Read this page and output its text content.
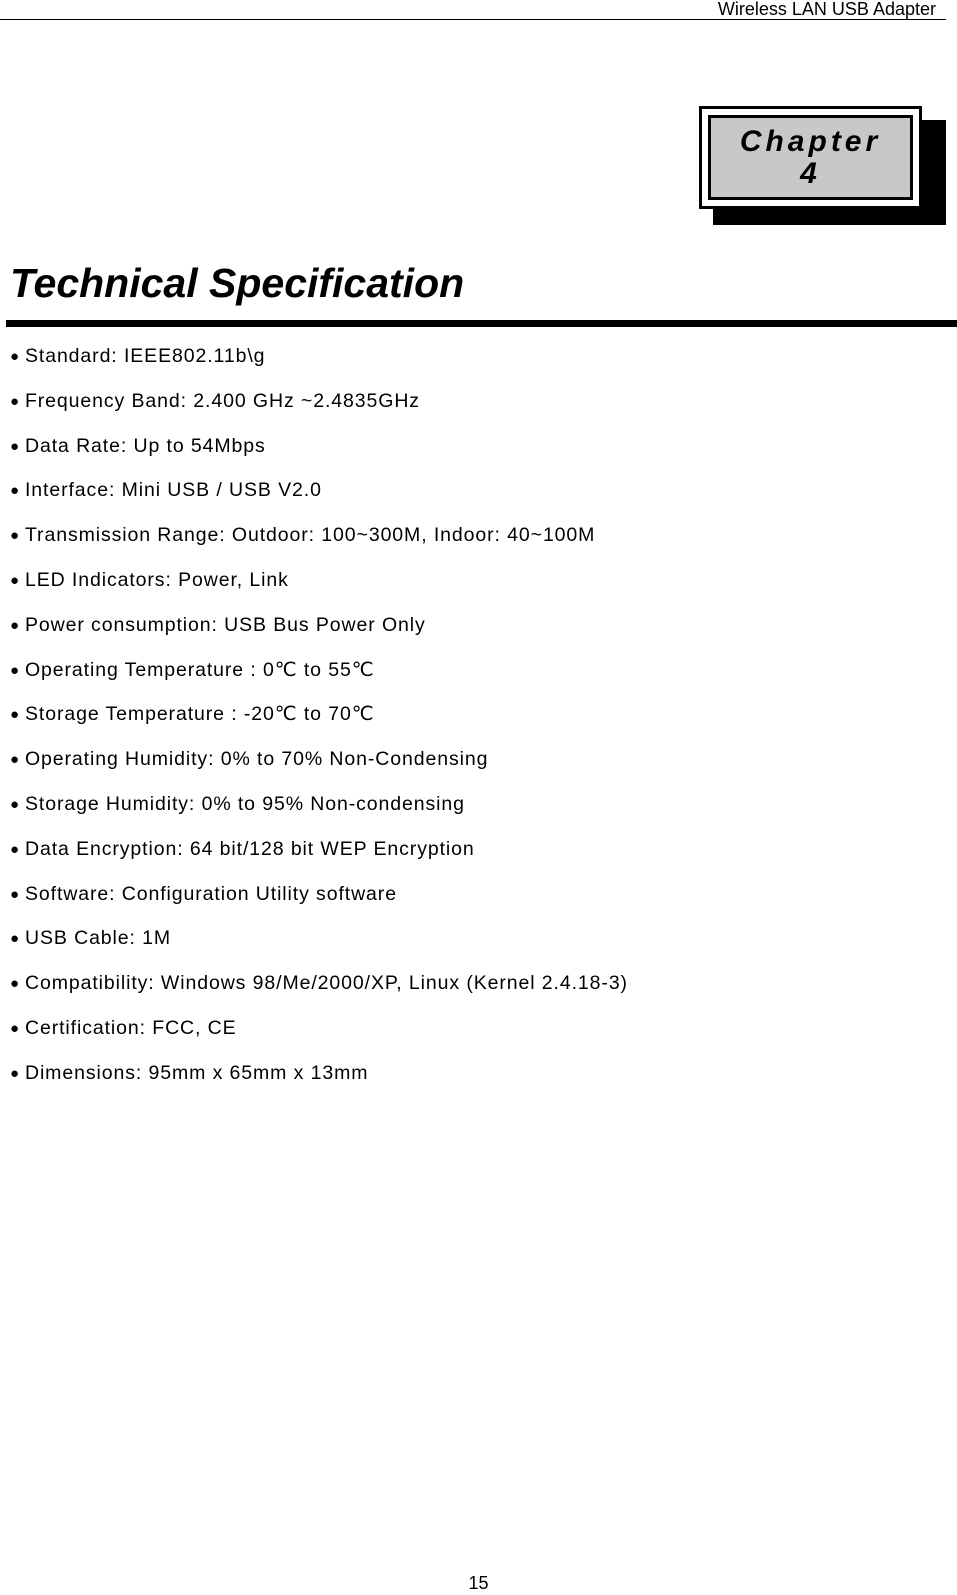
Wireless LAN USB Adapter
Chapter
4
Technical Specification
● Standard: IEEE802.11b\g
● Frequency Band: 2.400 GHz ~2.4835GHz
● Data Rate: Up to 54Mbps
● Interface: Mini USB / USB V2.0
● Transmission Range: Outdoor: 100~300M, Indoor: 40~100M
● LED Indicators: Power, Link
● Power consumption: USB Bus Power Only
● Operating Temperature : 0℃ to 55℃
● Storage Temperature : -20℃ to 70℃
● Operating Humidity: 0% to 70% Non-Condensing
● Storage Humidity: 0% to 95% Non-condensing
● Data Encryption: 64 bit/128 bit WEP Encryption
● Software: Configuration Utility software
● USB Cable: 1M
● Compatibility: Windows 98/Me/2000/XP, Linux (Kernel 2.4.18-3)
● Certification: FCC, CE
● Dimensions: 95mm x 65mm x 13mm
15
